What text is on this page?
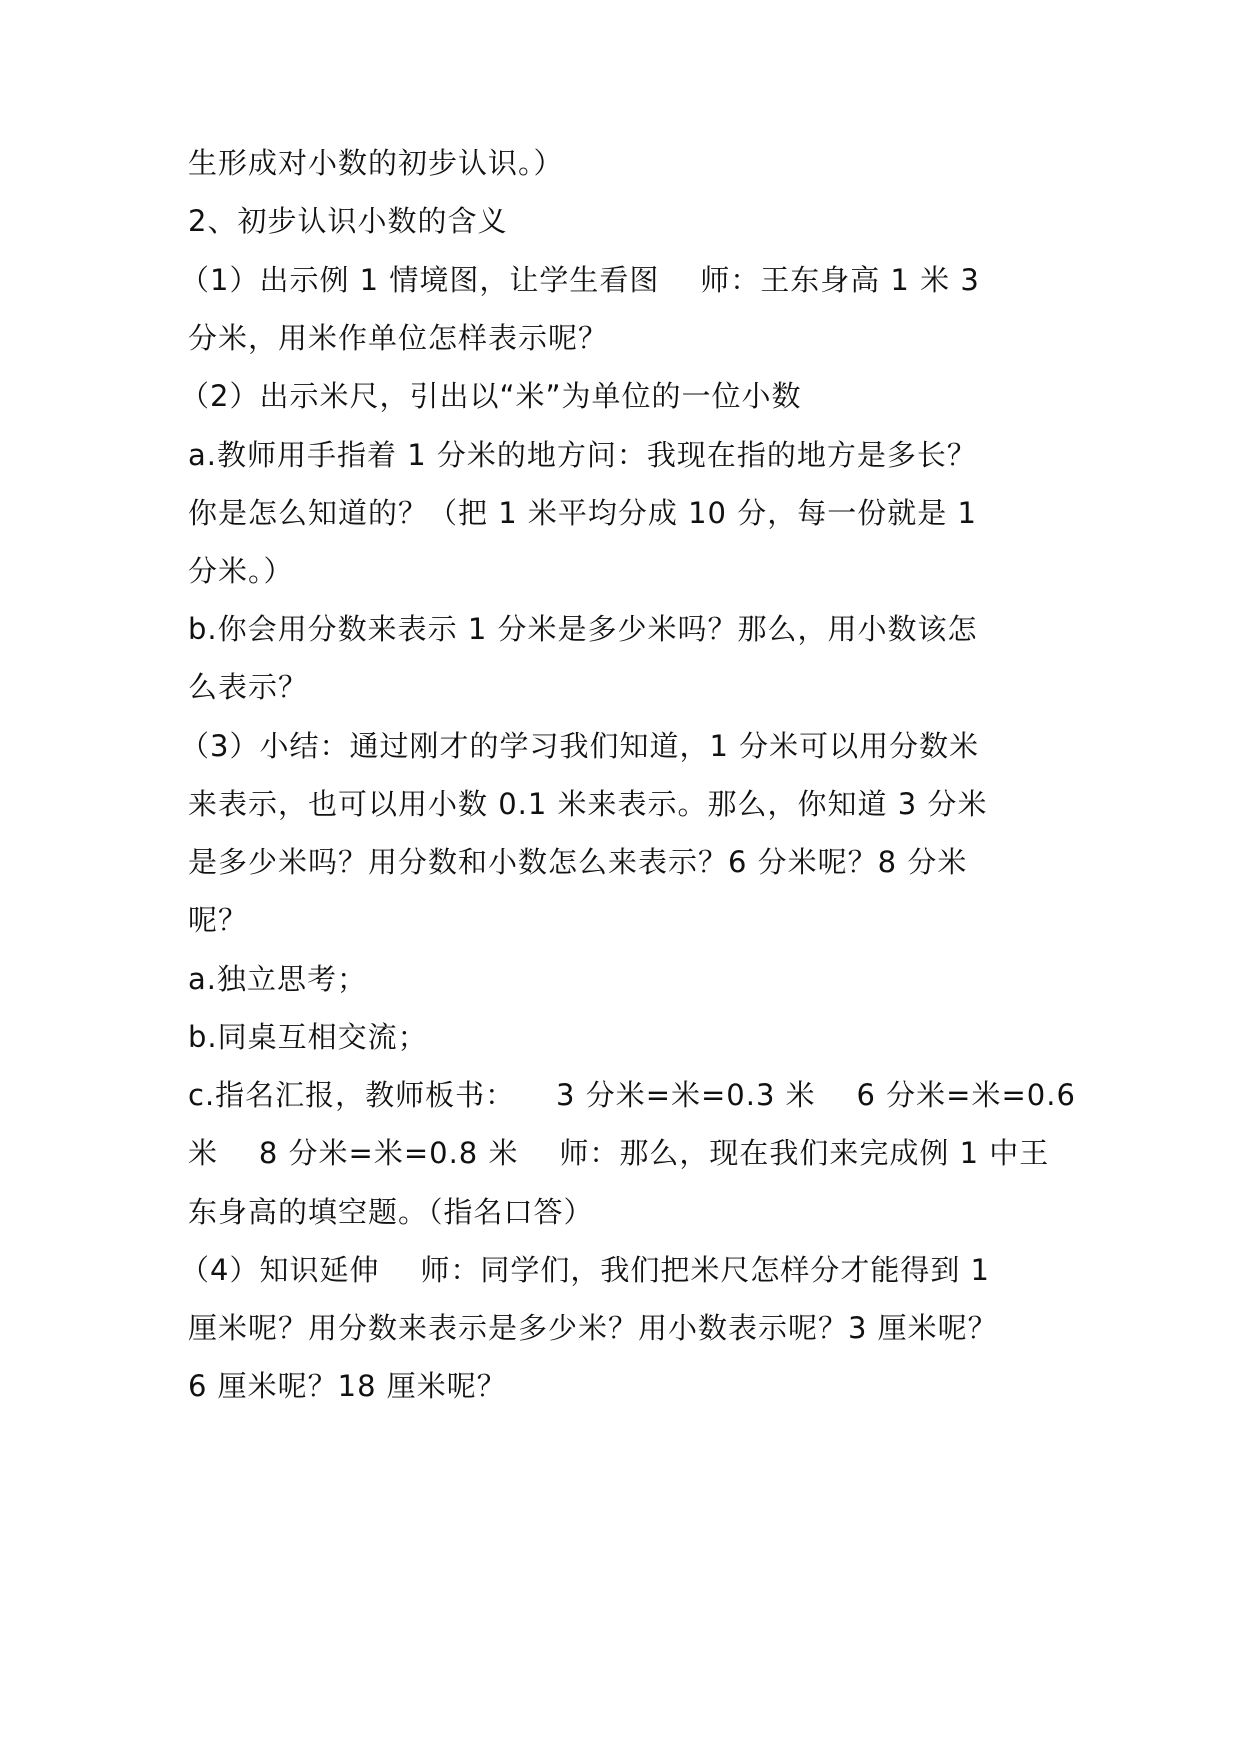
生形成对小数的初步认识。）
2、初步认识小数的含义
（1）出示例 1 情境图，让学生看图    师：王东身高 1 米 3
分米，用米作单位怎样表示呢？
（2）出示米尺，引出以“米”为单位的一位小数
a.教师用手指着 1 分米的地方问：我现在指的地方是多长？
你是怎么知道的？（把 1 米平均分成 10 分，每一份就是 1
分米。）
b.你会用分数来表示 1 分米是多少米吗？那么，用小数该怎
么表示？
（3）小结：通过刚才的学习我们知道，1 分米可以用分数米
来表示，也可以用小数 0.1 米来表示。那么，你知道 3 分米
是多少米吗？用分数和小数怎么来表示？6 分米呢？8 分米
呢？
a.独立思考；
b.同桌互相交流；
c.指名汇报，教师板书：    3 分米=米=0.3 米    6 分米=米=0.6
米    8 分米=米=0.8 米    师：那么，现在我们来完成例 1 中王
东身高的填空题。（指名口答）
（4）知识延伸    师：同学们，我们把米尺怎样分才能得到 1
厘米呢？用分数来表示是多少米？用小数表示呢？3 厘米呢？
6 厘米呢？18 厘米呢？
